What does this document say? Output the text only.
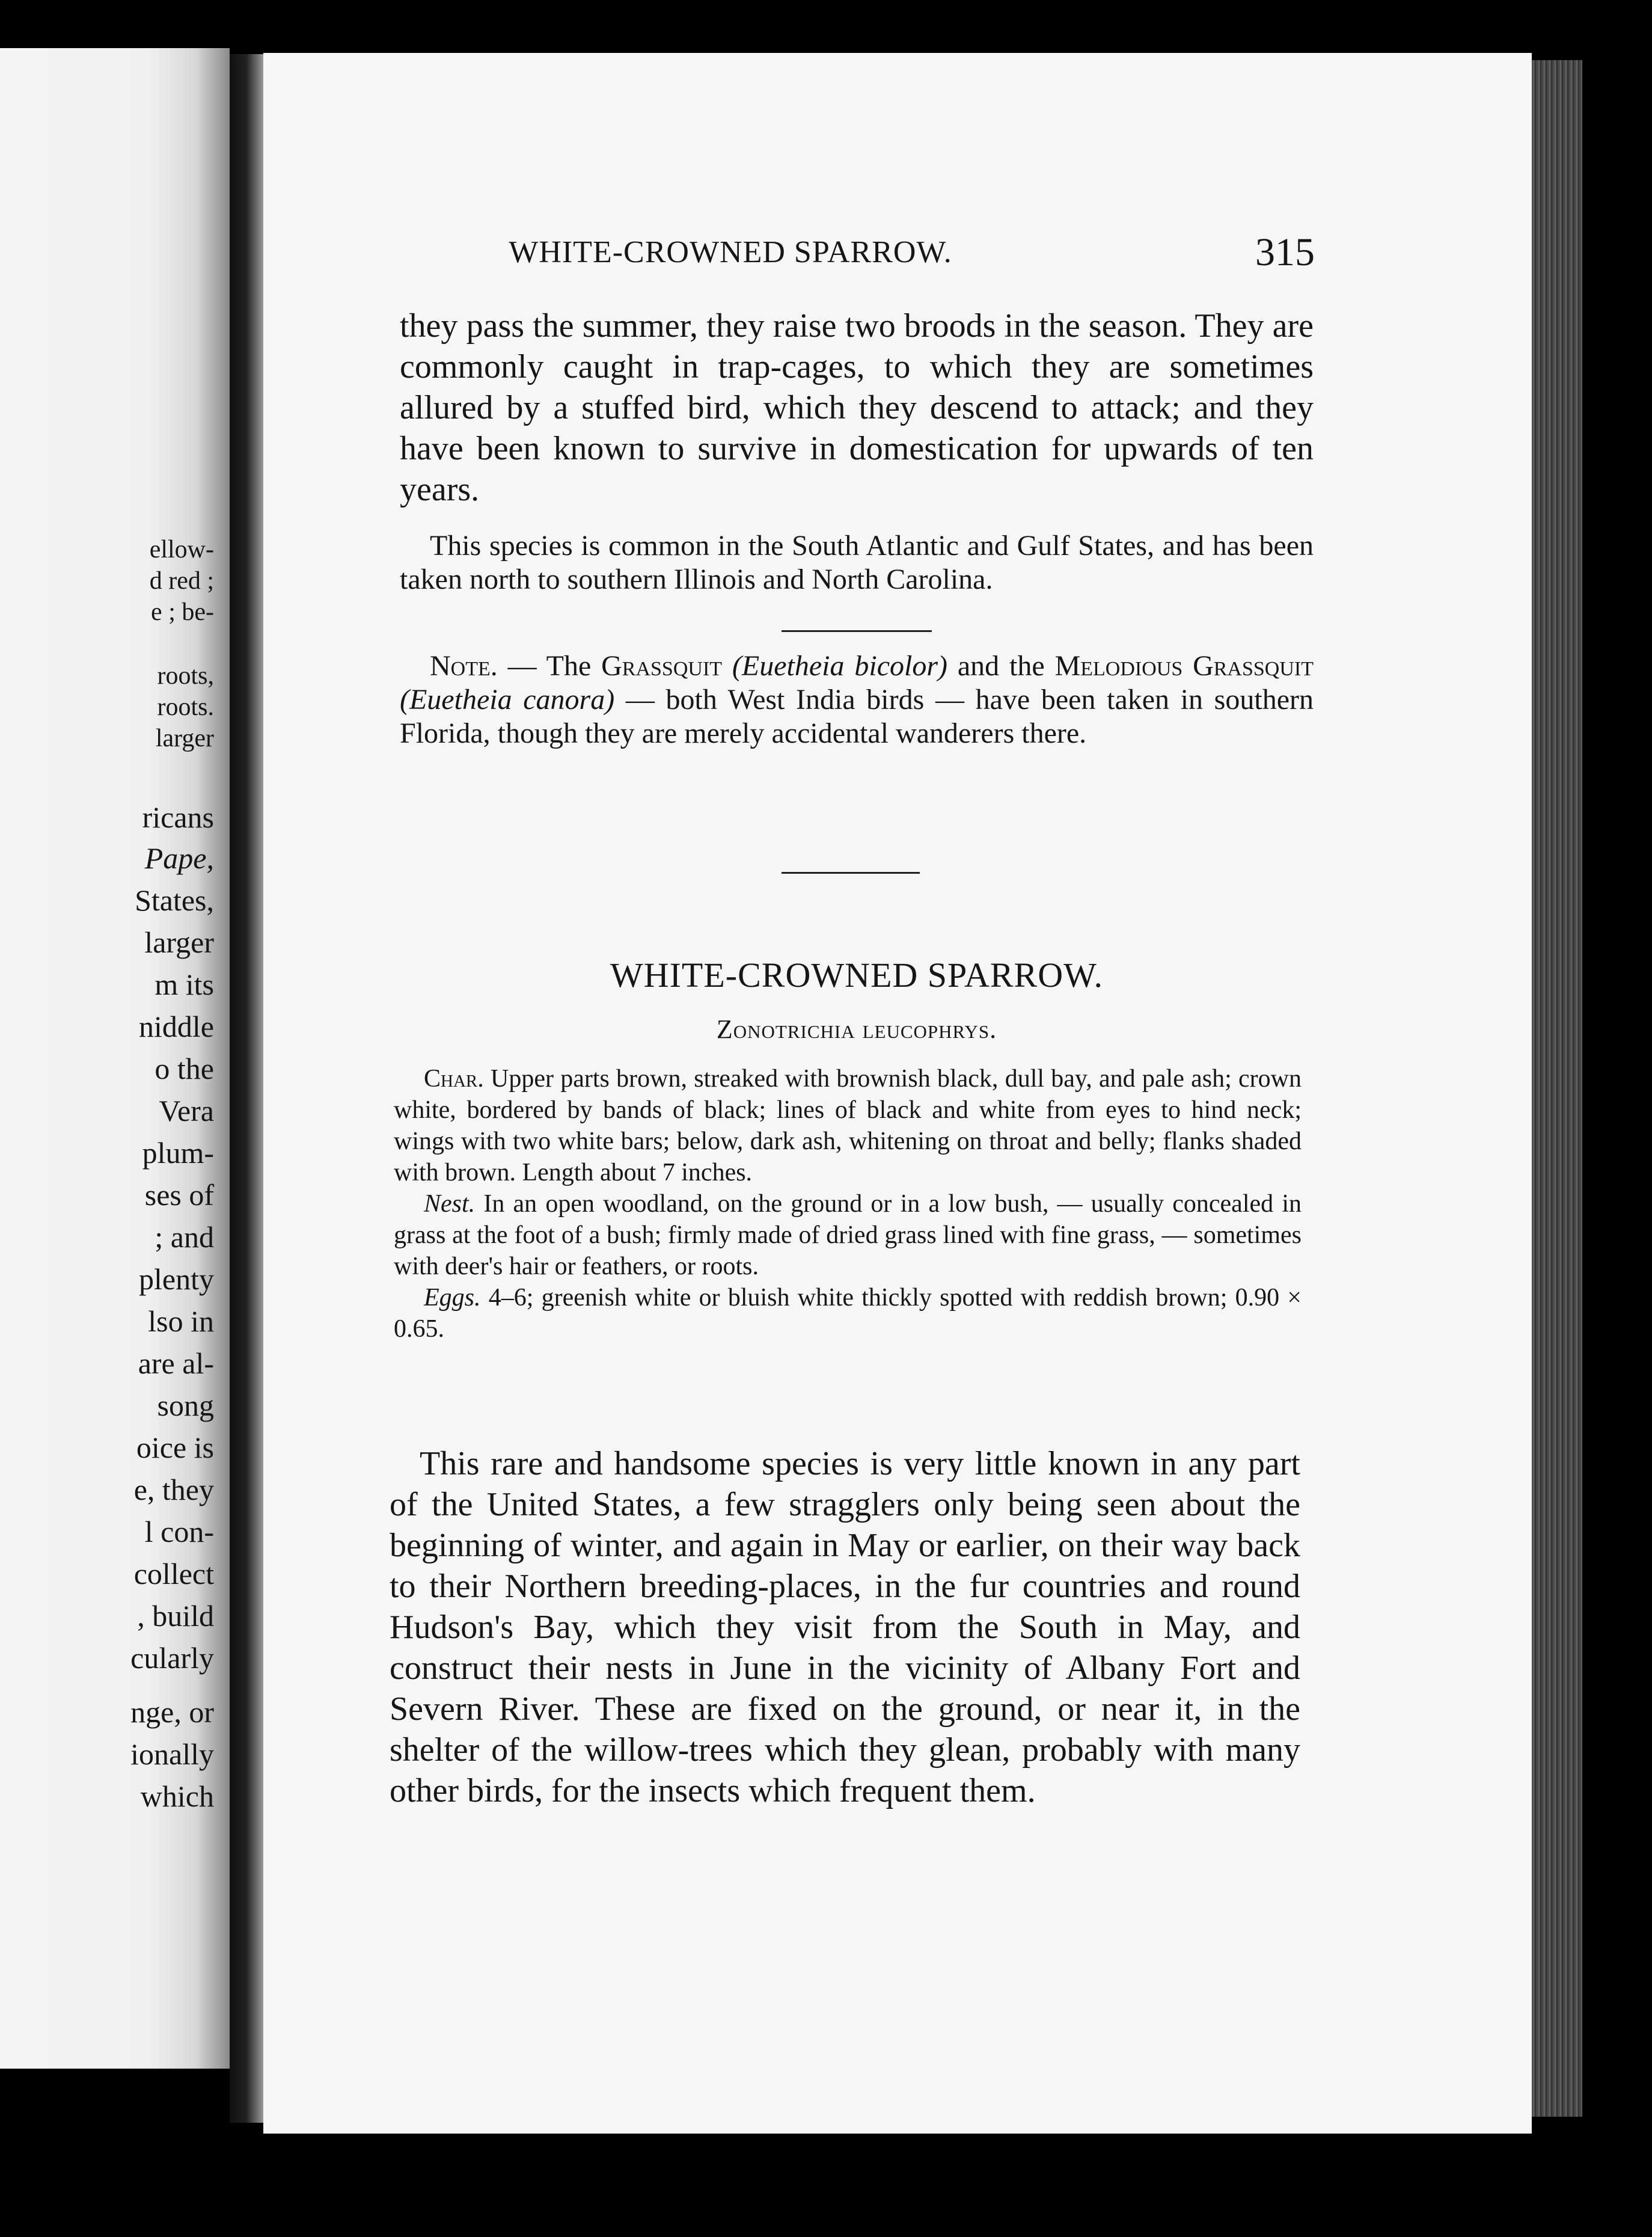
ellow-
d red ;
e ; be-
roots,
roots.
larger
ricans
Pape,
States,
larger
m its
niddle
o the
Vera
plum-
ses of
; and
plenty
lso in
are al-
song
oice is
e, they
l con-
collect
, build
cularly
nge, or
ionally
which
WHITE-CROWNED SPARROW.	315

they pass the summer, they raise two broods in the season. They are commonly caught in trap-cages, to which they are sometimes allured by a stuffed bird, which they descend to attack; and they have been known to survive in domestication for upwards of ten years.

This species is common in the South Atlantic and Gulf States, and has been taken north to southern Illinois and North Carolina.

Note. — The Grassquit (Euetheia bicolor) and the Melodious Grassquit (Euetheia canora) — both West India birds — have been taken in southern Florida, though they are merely accidental wanderers there.

WHITE-CROWNED SPARROW.
Zonotrichia leucophrys.

Char. Upper parts brown, streaked with brownish black, dull bay, and pale ash; crown white, bordered by bands of black; lines of black and white from eyes to hind neck; wings with two white bars; below, dark ash, whitening on throat and belly; flanks shaded with brown. Length about 7 inches.

Nest. In an open woodland, on the ground or in a low bush, — usually concealed in grass at the foot of a bush; firmly made of dried grass lined with fine grass, — sometimes with deer's hair or feathers, or roots.

Eggs. 4–6; greenish white or bluish white thickly spotted with reddish brown; 0.90 × 0.65.

This rare and handsome species is very little known in any part of the United States, a few stragglers only being seen about the beginning of winter, and again in May or earlier, on their way back to their Northern breeding-places, in the fur countries and round Hudson's Bay, which they visit from the South in May, and construct their nests in June in the vicinity of Albany Fort and Severn River. These are fixed on the ground, or near it, in the shelter of the willow-trees which they glean, probably with many other birds, for the insects which frequent them.
